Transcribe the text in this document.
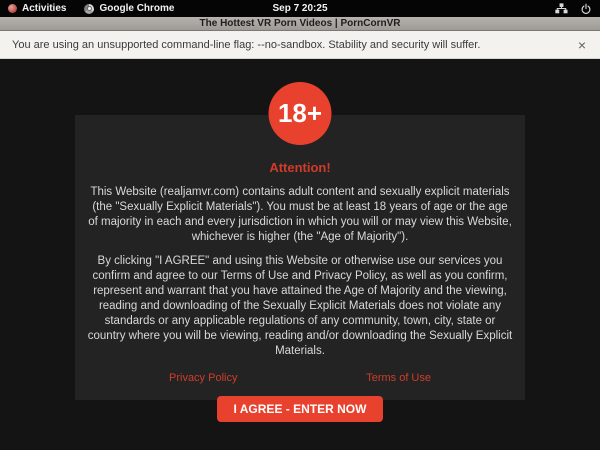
Activities	Google Chrome	Sep 7 20:25
The Hottest VR Porn Videos | PornCornVR
You are using an unsupported command-line flag: --no-sandbox. Stability and security will suffer.	×
18+
Attention!

This Website (realjamvr.com) contains adult content and sexually explicit materials (the "Sexually Explicit Materials"). You must be at least 18 years of age or the age of majority in each and every jurisdiction in which you will or may view this Website, whichever is higher (the "Age of Majority").

By clicking "I AGREE" and using this Website or otherwise use our services you confirm and agree to our Terms of Use and Privacy Policy, as well as you confirm, represent and warrant that you have attained the Age of Majority and the viewing, reading and downloading of the Sexually Explicit Materials does not violate any standards or any applicable regulations of any community, town, city, state or country where you will be viewing, reading and/or downloading the Sexually Explicit Materials.

Privacy Policy	Terms of Use
I AGREE - ENTER NOW
